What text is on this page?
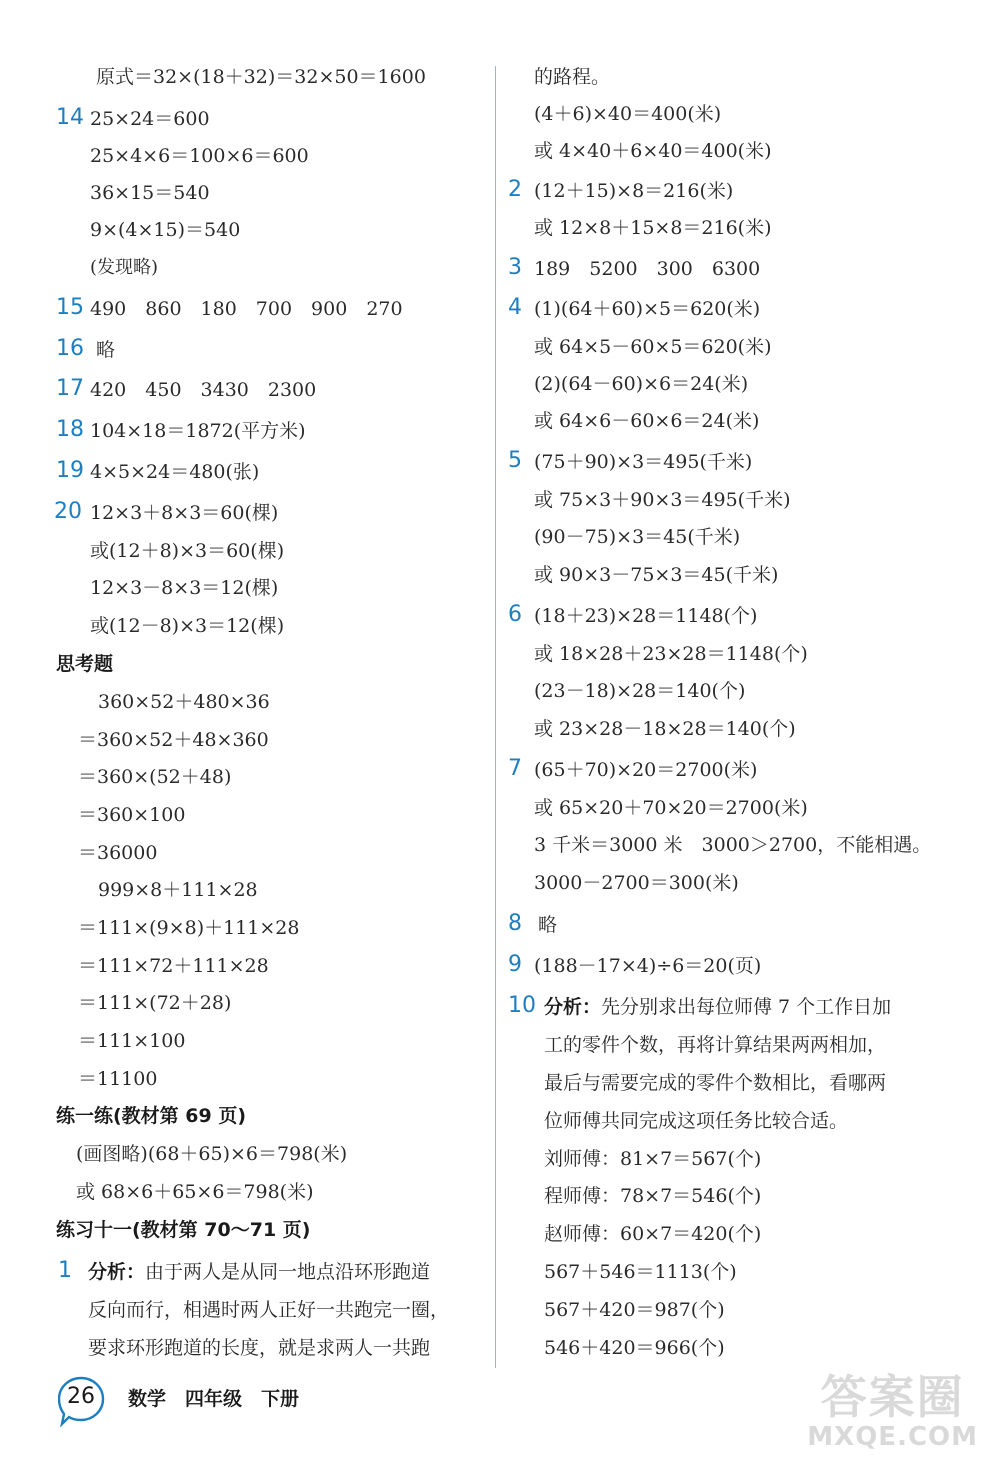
原式＝32×(18＋32)＝32×50＝1600
14 25×24＝600
25×4×6＝100×6＝600
36×15＝540
9×(4×15)＝540
(发现略)
15 490　860　180　700　900　270
16 略
17 420　450　3430　2300
18 104×18＝1872(平方米)
19 4×5×24＝480(张)
20 12×3＋8×3＝60(棵)
或(12＋8)×3＝60(棵)
12×3－8×3＝12(棵)
或(12－8)×3＝12(棵)
思考题
360×52＋480×36
＝360×52＋48×360
＝360×(52＋48)
＝360×100
＝36000
999×8＋111×28
＝111×(9×8)＋111×28
＝111×72＋111×28
＝111×(72＋28)
＝111×100
＝11100
练一练(教材第 69 页)
(画图略)(68＋65)×6＝798(米)
或 68×6＋65×6＝798(米)
练习十一(教材第 70～71 页)
1 分析：由于两人是从同一地点沿环形跑道
反向而行，相遇时两人正好一共跑完一圈，
要求环形跑道的长度，就是求两人一共跑
的路程。
(4＋6)×40＝400(米)
或 4×40＋6×40＝400(米)
2 (12＋15)×8＝216(米)
或 12×8＋15×8＝216(米)
3 189　5200　300　6300
4 (1)(64＋60)×5＝620(米)
或 64×5－60×5＝620(米)
(2)(64－60)×6＝24(米)
或 64×6－60×6＝24(米)
5 (75＋90)×3＝495(千米)
或 75×3＋90×3＝495(千米)
(90－75)×3＝45(千米)
或 90×3－75×3＝45(千米)
6 (18＋23)×28＝1148(个)
或 18×28＋23×28＝1148(个)
(23－18)×28＝140(个)
或 23×28－18×28＝140(个)
7 (65＋70)×20＝2700(米)
或 65×20＋70×20＝2700(米)
3 千米＝3000 米　3000＞2700，不能相遇。
3000－2700＝300(米)
8 略
9 (188－17×4)÷6＝20(页)
10 分析：先分别求出每位师傅 7 个工作日加
工的零件个数，再将计算结果两两相加，
最后与需要完成的零件个数相比，看哪两
位师傅共同完成这项任务比较合适。
刘师傅：81×7＝567(个)
程师傅：78×7＝546(个)
赵师傅：60×7＝420(个)
567＋546＝1113(个)
567＋420＝987(个)
546＋420＝966(个)
26	数学　四年级　下册	答案圈
MXQE.COM
